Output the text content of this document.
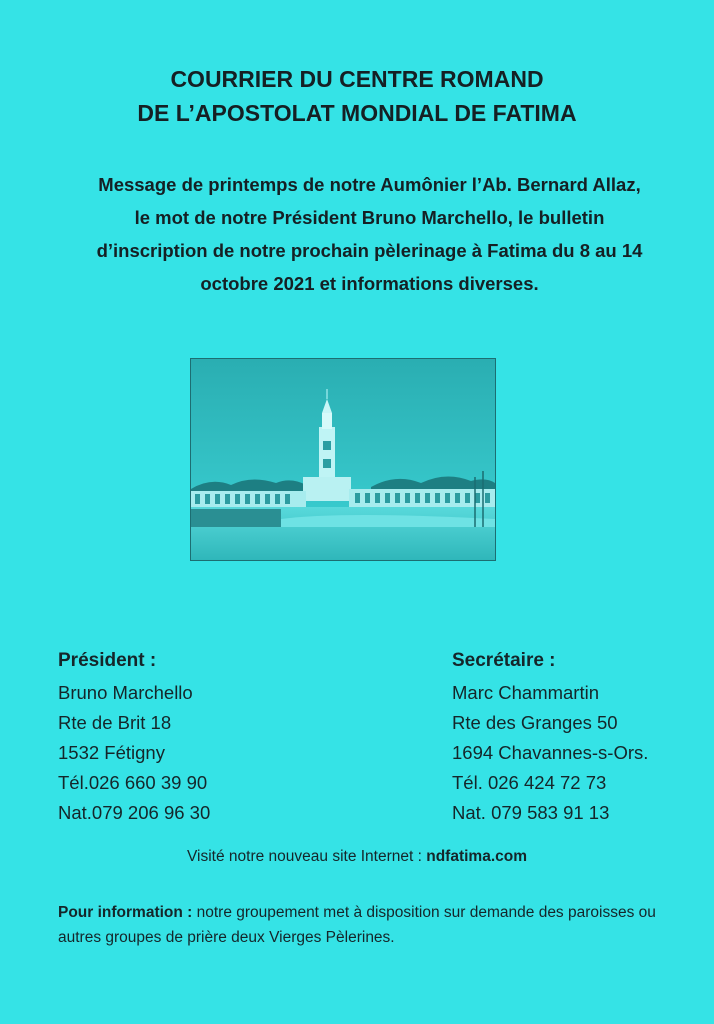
COURRIER DU CENTRE ROMAND
DE L’APOSTOLAT MONDIAL DE FATIMA
Message de printemps de notre Aumônier l’Ab. Bernard Allaz,
le mot de notre Président Bruno Marchello, le bulletin
d’inscription de notre prochain pèlerinage à Fatima du 8 au 14
octobre 2021 et informations diverses.
Président :
Bruno Marchello
Rte de Brit 18
1532 Fétigny
Tél.026 660 39 90
Nat.079 206 96 30
Secrétaire :
Marc Chammartin
Rte des Granges 50
1694 Chavannes-s-Ors.
Tél. 026 424 72 73
Nat. 079 583 91 13
Visité notre nouveau site Internet : ndfatima.com
Pour information : notre groupement met à disposition sur demande des paroisses ou autres groupes de prière deux Vierges Pèlerines.
